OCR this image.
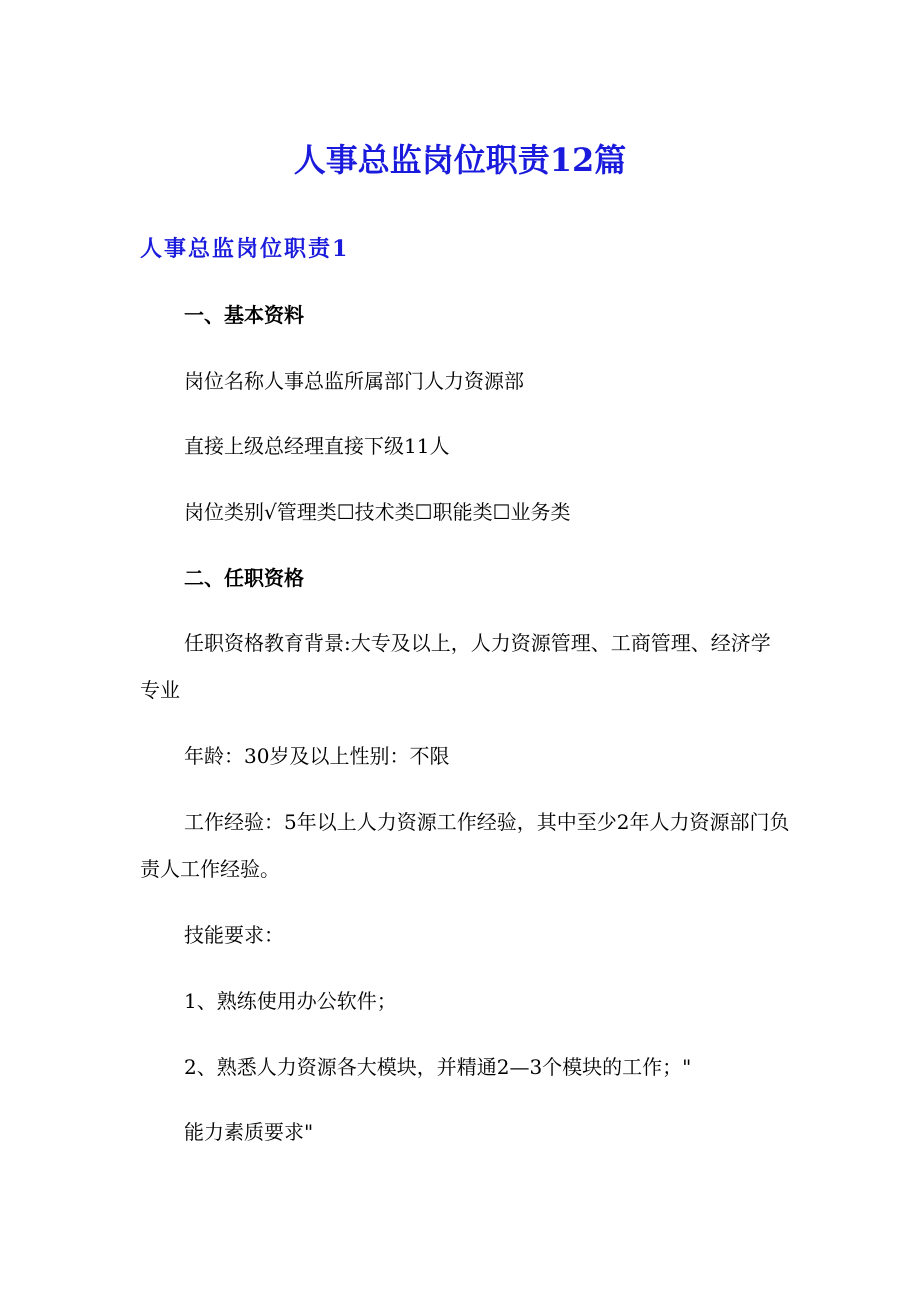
人事总监岗位职责12篇
人事总监岗位职责1

一、基本资料

岗位名称人事总监所属部门人力资源部

直接上级总经理直接下级11人

岗位类别√管理类☐技术类☐职能类☐业务类

二、任职资格

任职资格教育背景:大专及以上，人力资源管理、工商管理、经济学专业

年龄：30岁及以上性别：不限

工作经验：5年以上人力资源工作经验，其中至少2年人力资源部门负责人工作经验。

技能要求：

1、熟练使用办公软件；

2、熟悉人力资源各大模块，并精通2—3个模块的工作；"

能力素质要求"
